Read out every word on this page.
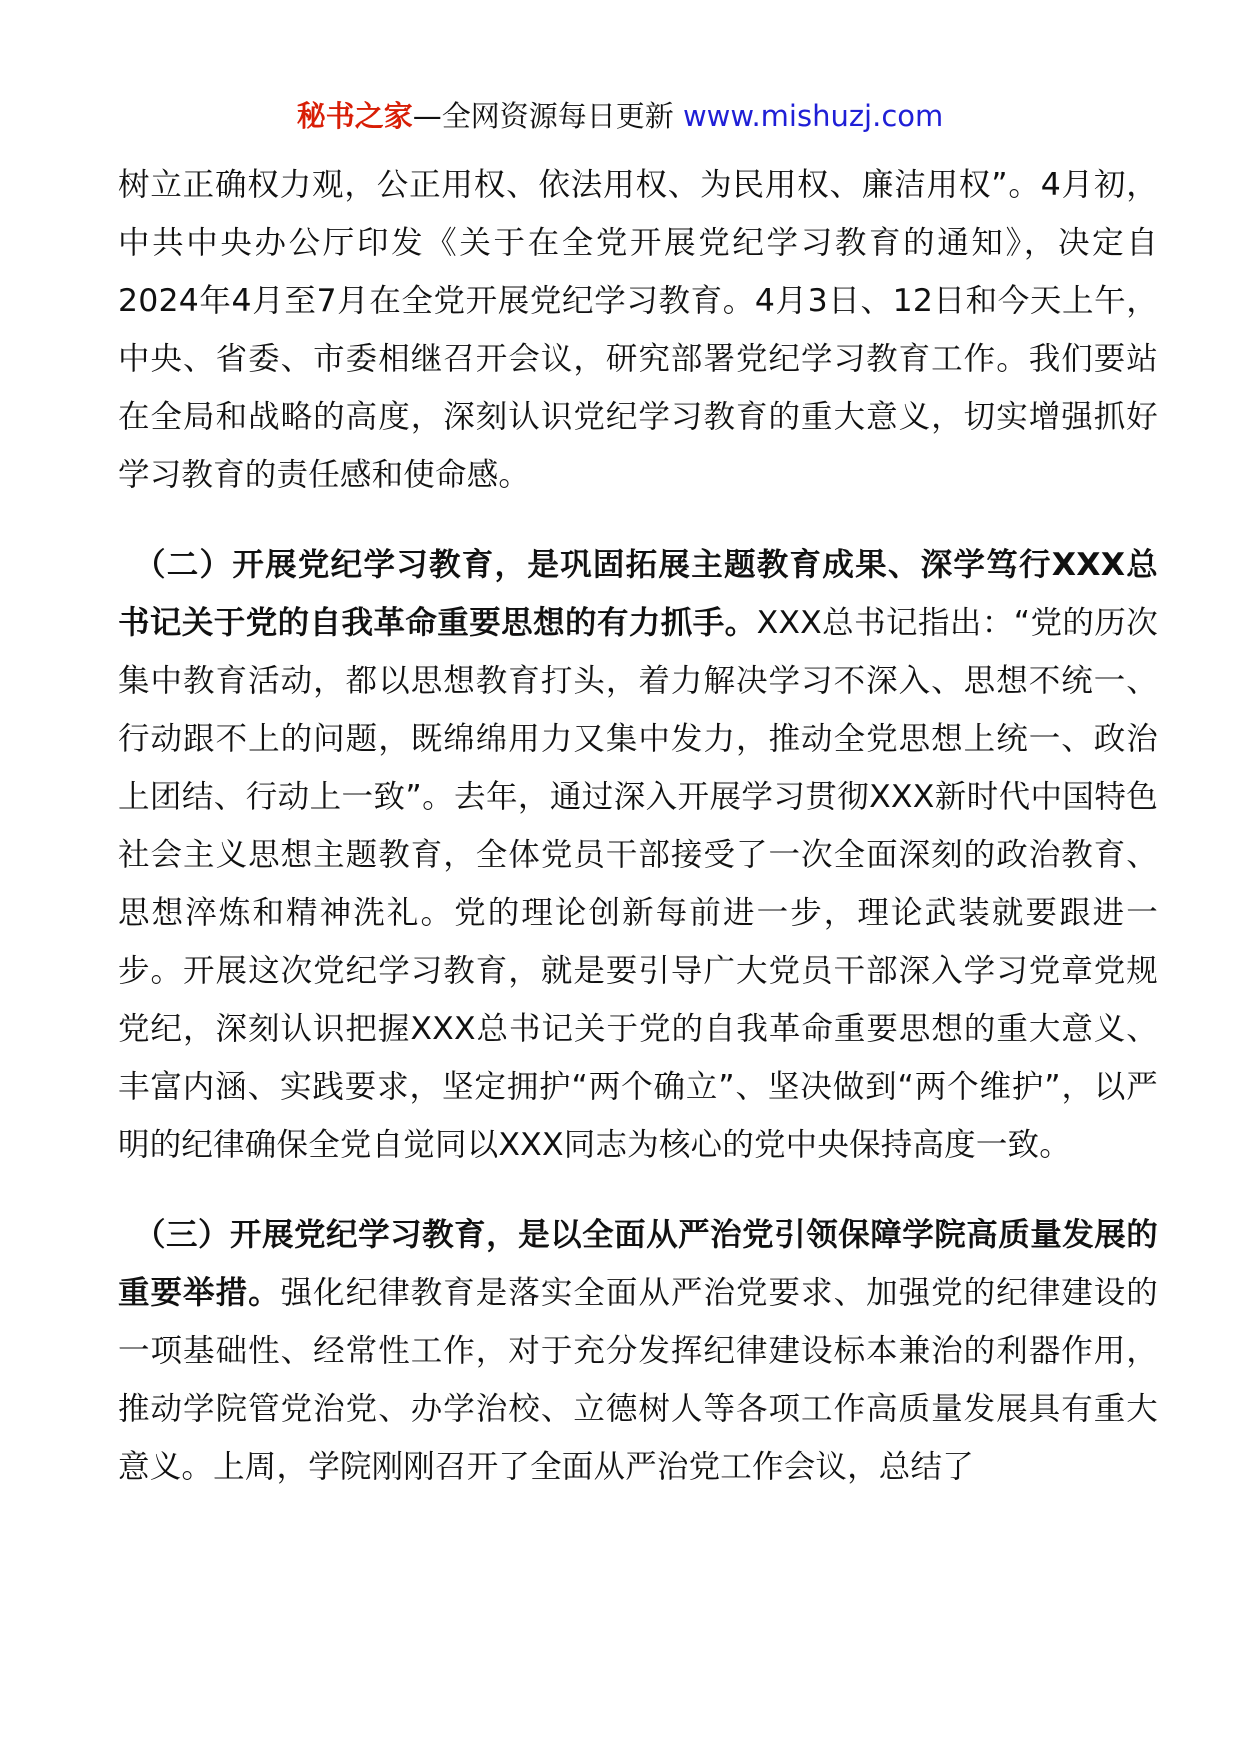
秘书之家—全网资源每日更新 www.mishuzj.com

树立正确权力观，公正用权、依法用权、为民用权、廉洁用权”。4月初，中共中央办公厅印发《关于在全党开展党纪学习教育的通知》，决定自2024年4月至7月在全党开展党纪学习教育。4月3日、12日和今天上午，中央、省委、市委相继召开会议，研究部署党纪学习教育工作。我们要站在全局和战略的高度，深刻认识党纪学习教育的重大意义，切实增强抓好学习教育的责任感和使命感。

（二）开展党纪学习教育，是巩固拓展主题教育成果、深学笃行XXX总书记关于党的自我革命重要思想的有力抓手。XXX总书记指出：“党的历次集中教育活动，都以思想教育打头，着力解决学习不深入、思想不统一、行动跟不上的问题，既绵绵用力又集中发力，推动全党思想上统一、政治上团结、行动上一致”。去年，通过深入开展学习贯彻XXX新时代中国特色社会主义思想主题教育，全体党员干部接受了一次全面深刻的政治教育、思想淬炼和精神洗礼。党的理论创新每前进一步，理论武装就要跟进一步。开展这次党纪学习教育，就是要引导广大党员干部深入学习党章党规党纪，深刻认识把握XXX总书记关于党的自我革命重要思想的重大意义、丰富内涵、实践要求，坚定拥护“两个确立”、坚决做到“两个维护”，以严明的纪律确保全党自觉同以XXX同志为核心的党中央保持高度一致。

（三）开展党纪学习教育，是以全面从严治党引领保障学院高质量发展的重要举措。强化纪律教育是落实全面从严治党要求、加强党的纪律建设的一项基础性、经常性工作，对于充分发挥纪律建设标本兼治的利器作用，推动学院管党治党、办学治校、立德树人等各项工作高质量发展具有重大意义。上周，学院刚刚召开了全面从严治党工作会议，总结了
